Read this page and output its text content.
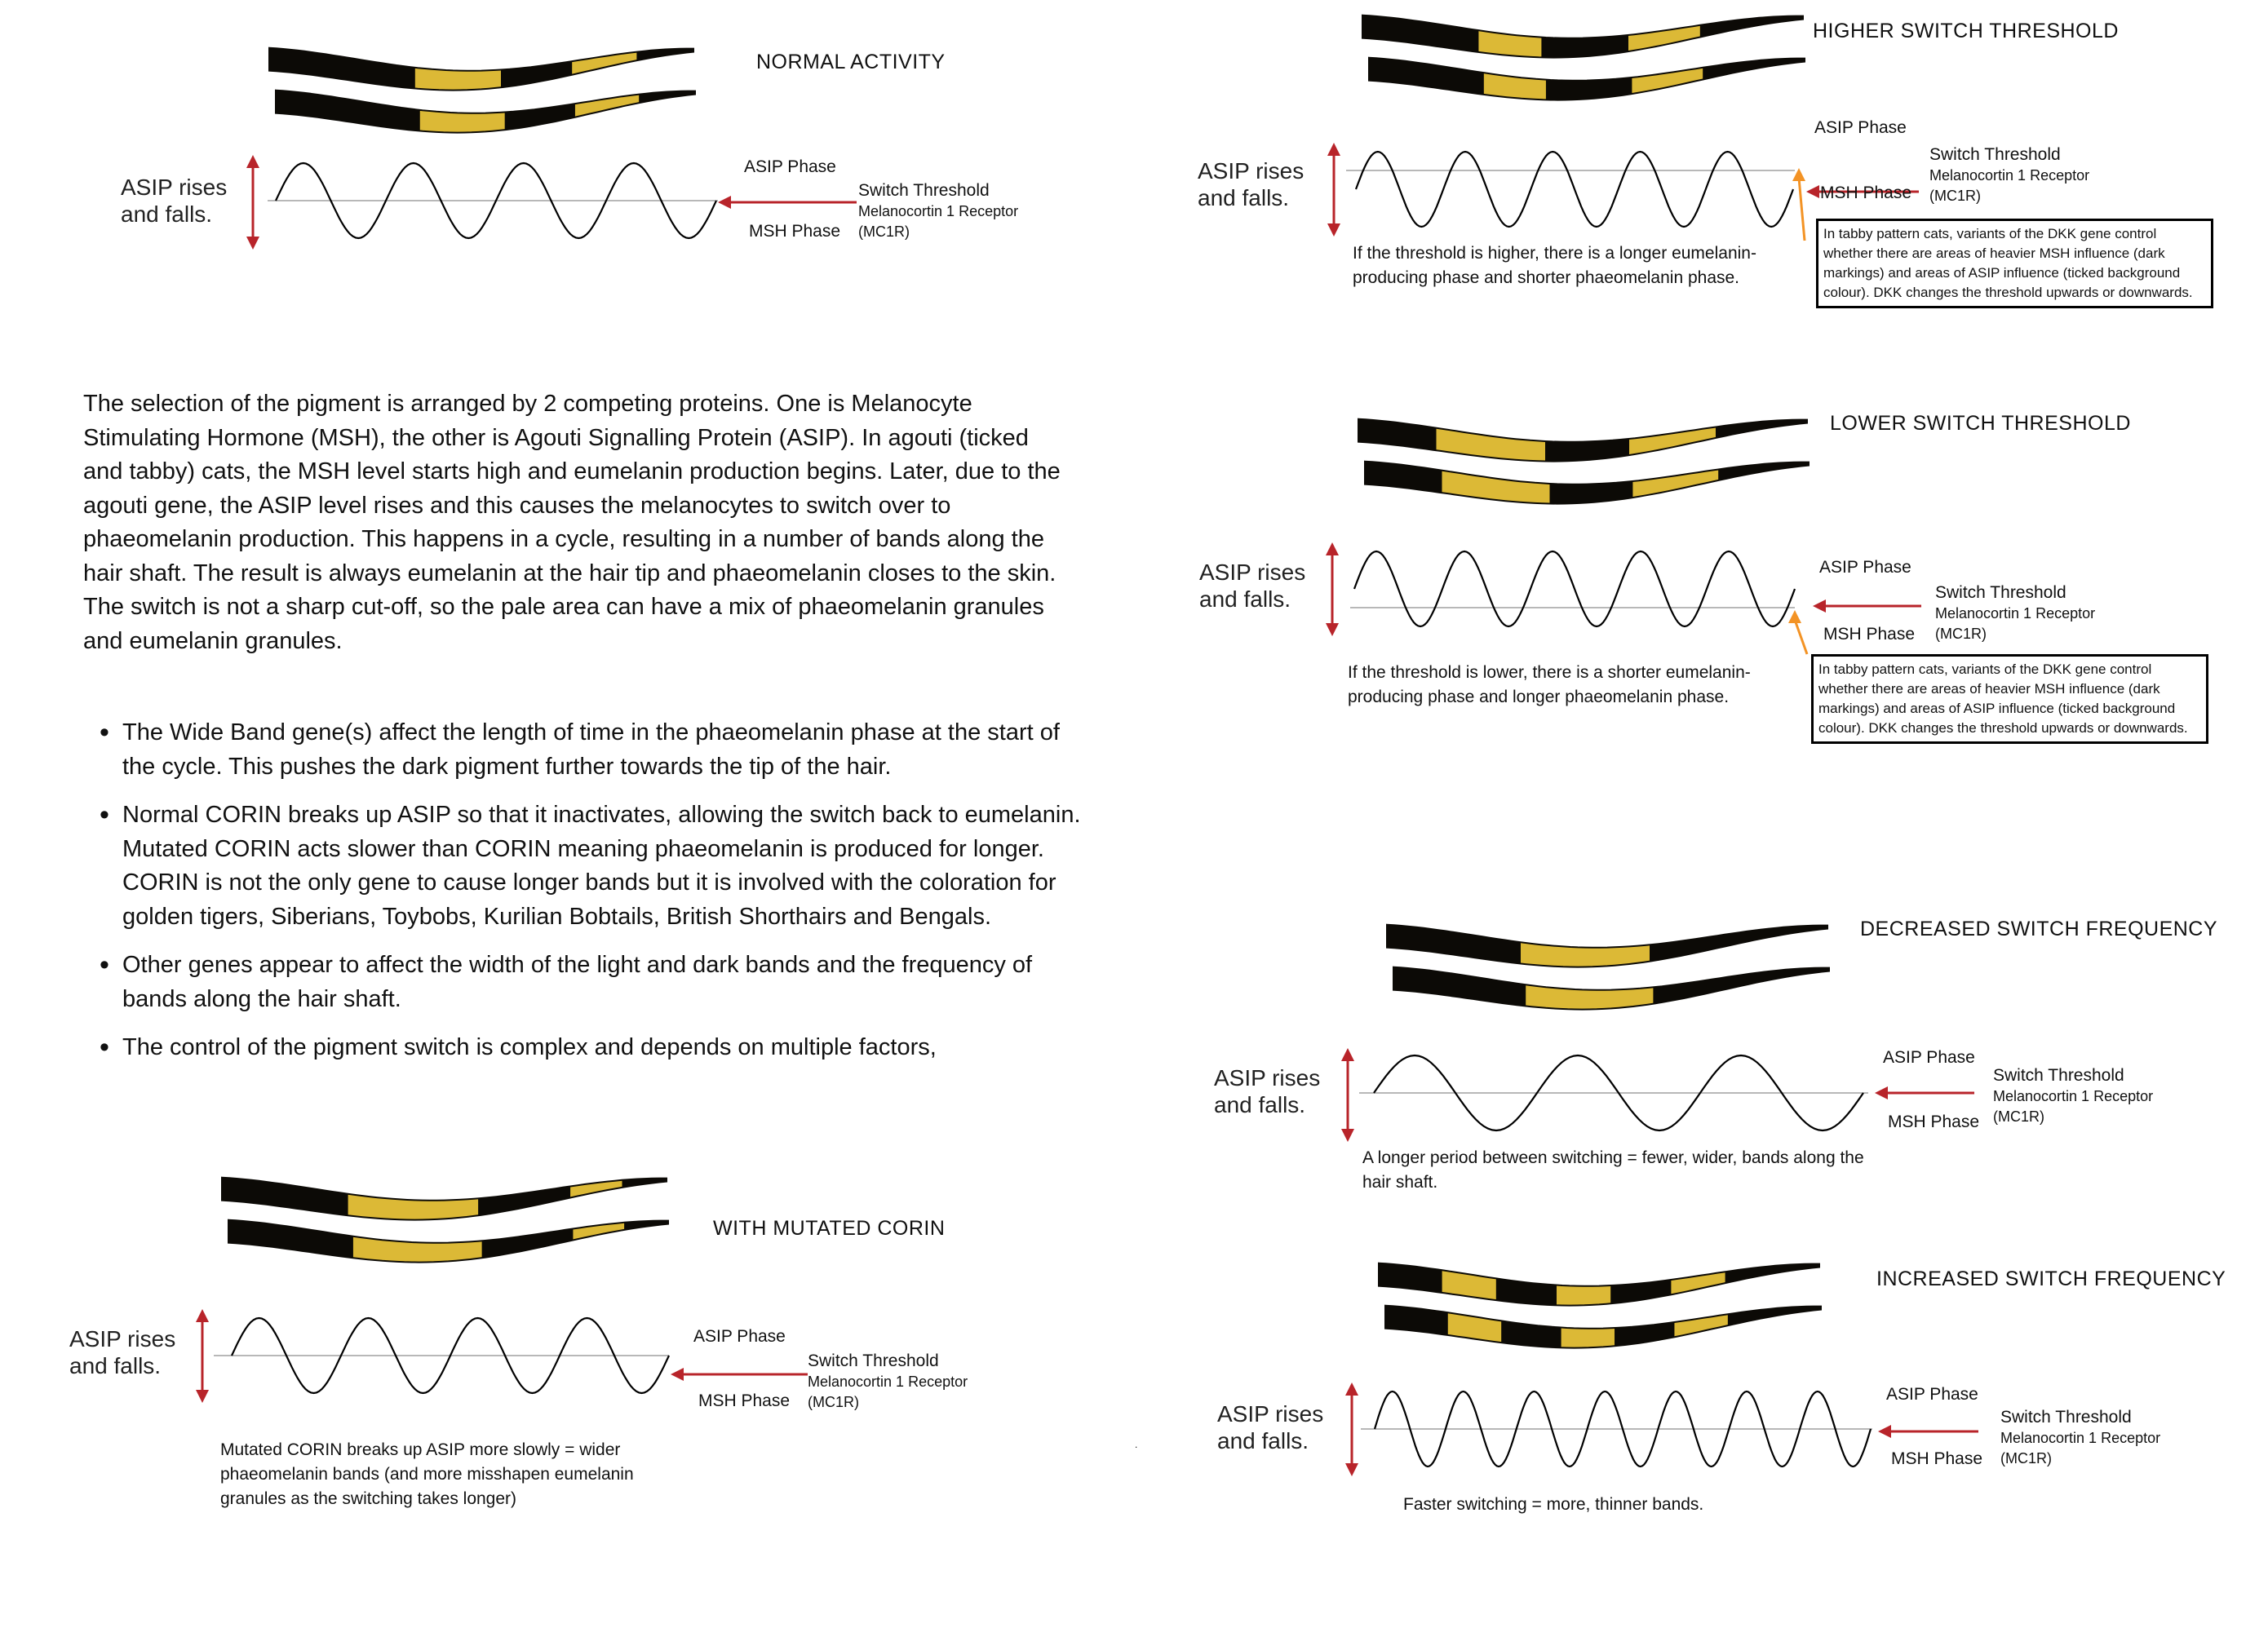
NORMAL ACTIVITY
ASIP rises
and falls.
ASIP Phase
MSH Phase
Switch Threshold
Melanocortin 1 Receptor
(MC1R)
HIGHER SWITCH THRESHOLD
ASIP rises
and falls.
ASIP Phase
MSH Phase
Switch Threshold
Melanocortin 1 Receptor
(MC1R)
If the threshold is higher, there is a longer eumelanin-producing phase and shorter phaeomelanin phase.
In tabby pattern cats, variants of the DKK gene control whether there are areas of heavier MSH influence (dark markings) and areas of ASIP influence (ticked background colour). DKK changes the threshold upwards or downwards.
LOWER SWITCH THRESHOLD
ASIP rises
and falls.
ASIP Phase
MSH Phase
Switch Threshold
Melanocortin 1 Receptor
(MC1R)
If the threshold is lower, there is a shorter eumelanin-producing phase and longer phaeomelanin phase.
In tabby pattern cats, variants of the DKK gene control whether there are areas of heavier MSH influence (dark markings) and areas of ASIP influence (ticked background colour). DKK changes the threshold upwards or downwards.
DECREASED SWITCH FREQUENCY
ASIP rises
and falls.
ASIP Phase
MSH Phase
Switch Threshold
Melanocortin 1 Receptor
(MC1R)
A longer period between switching = fewer, wider, bands along the hair shaft.
INCREASED SWITCH FREQUENCY
ASIP rises
and falls.
ASIP Phase
MSH Phase
Switch Threshold
Melanocortin 1 Receptor
(MC1R)
Faster switching = more, thinner bands.
WITH MUTATED CORIN
ASIP rises
and falls.
ASIP Phase
MSH Phase
Switch Threshold
Melanocortin 1 Receptor
(MC1R)
Mutated CORIN breaks up ASIP more slowly = wider phaeomelanin bands (and more misshapen eumelanin granules as the switching takes longer)

The selection of the pigment is arranged by 2 competing proteins. One is Melanocyte Stimulating Hormone (MSH), the other is Agouti Signalling Protein (ASIP). In agouti (ticked and tabby) cats, the MSH level starts high and eumelanin production begins. Later, due to the agouti gene, the ASIP level rises and this causes the melanocytes to switch over to phaeomelanin production. This happens in a cycle, resulting in a number of bands along the hair shaft. The result is always eumelanin at the hair tip and phaeomelanin closes to the skin. The switch is not a sharp cut-off, so the pale area can have a mix of phaeomelanin granules and eumelanin granules.

• The Wide Band gene(s) affect the length of time in the phaeomelanin phase at the start of the cycle. This pushes the dark pigment further towards the tip of the hair.
• Normal CORIN breaks up ASIP so that it inactivates, allowing the switch back to eumelanin. Mutated CORIN acts slower than CORIN meaning phaeomelanin is produced for longer. CORIN is not the only gene to cause longer bands but it is involved with the coloration for golden tigers, Siberians, Toybobs, Kurilian Bobtails, British Shorthairs and Bengals.
• Other genes appear to affect the width of the light and dark bands and the frequency of bands along the hair shaft.
• The control of the pigment switch is complex and depends on multiple factors,
.
